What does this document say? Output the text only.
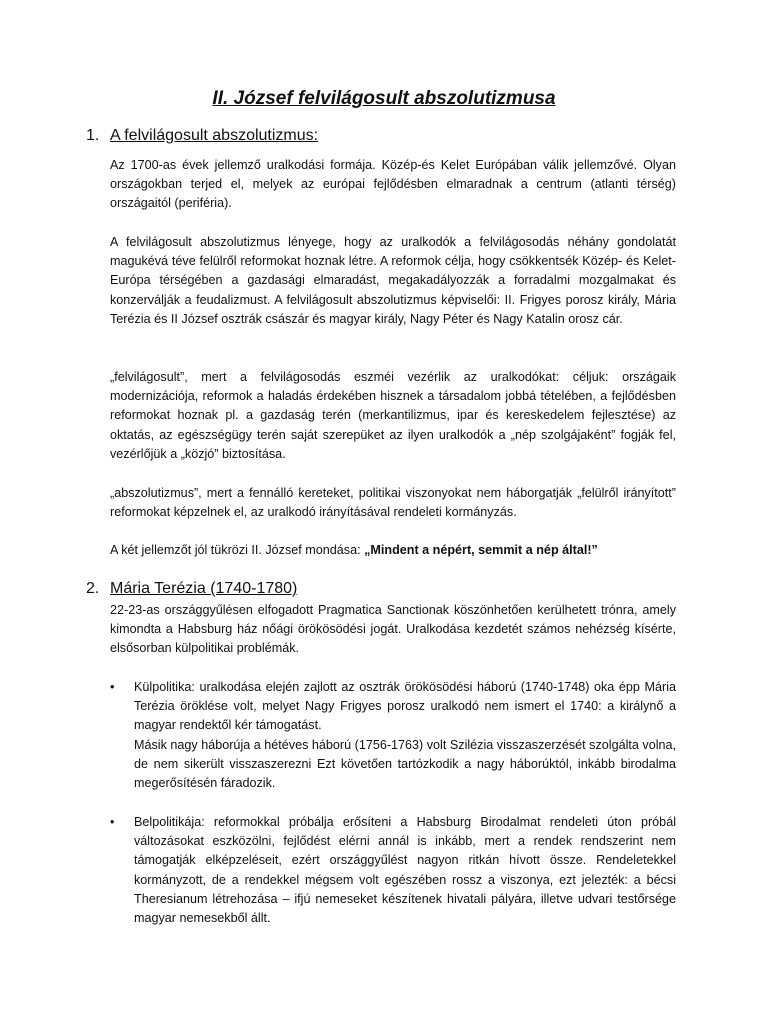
II. József felvilágosult abszolutizmusa
1. A felvilágosult abszolutizmus:

Az 1700-as évek jellemző uralkodási formája. Közép-és Kelet Európában válik jellemzővé. Olyan országokban terjed el, melyek az európai fejlődésben elmaradnak a centrum (atlanti térség) országaitól (periféria).

A felvilágosult abszolutizmus lényege, hogy az uralkodók a felvilágosodás néhány gondolatát magukévá téve felülről reformokat hoznak létre. A reformok célja, hogy csökkentsék Közép- és Kelet-Európa térségében a gazdasági elmaradást, megakadályozzák a forradalmi mozgalmakat és konzerválják a feudalizmust. A felvilágosult abszolutizmus képviselői: II. Frigyes porosz király, Mária Terézia és II József osztrák császár és magyar király, Nagy Péter és Nagy Katalin orosz cár.

„felvilágosult”, mert a felvilágosodás eszméi vezérlik az uralkodókat: céljuk: országaik modernizációja, reformok a haladás érdekében hisznek a társadalom jobbá tételében, a fejlődésben reformokat hoznak pl. a gazdaság terén (merkantilizmus, ipar és kereskedelem fejlesztése) az oktatás, az egészségügy terén saját szerepüket az ilyen uralkodók a „nép szolgájaként” fogják fel, vezérlőjük a „közjó” biztosítása.

„abszolutizmus”, mert a fennálló kereteket, politikai viszonyokat nem háborgatják „felülről irányított” reformokat képzelnek el, az uralkodó irányításával rendeleti kormányzás.

A két jellemzőt jól tükrözi II. József mondása: „Mindent a népért, semmit a nép által!”

2. Mária Terézia (1740-1780)

22-23-as országgyűlésen elfogadott Pragmatica Sanctionak köszönhetően kerülhetett trónra, amely kimondta a Habsburg ház nőági örökösödési jogát. Uralkodása kezdetét számos nehézség kísérte, elsősorban külpolitikai problémák.

• Külpolitika: uralkodása elején zajlott az osztrák örökösödési háború (1740-1748) oka épp Mária Terézia öröklése volt, melyet Nagy Frigyes porosz uralkodó nem ismert el 1740: a királynő a magyar rendektől kér támogatást.

Másik nagy háborúja a hétéves háború (1756-1763) volt Szilézia visszaszerzését szolgálta volna, de nem sikerült visszaszerezni Ezt követően tartózkodik a nagy háborúktól, inkább birodalma megerősítésén fáradozik.

• Belpolitikája: reformokkal próbálja erősíteni a Habsburg Birodalmat rendeleti úton próbál változásokat eszközölni, fejlődést elérni annál is inkább, mert a rendek rendszerint nem támogatják elképzeléseit, ezért országgyűlést nagyon ritkán hívott össze. Rendeletekkel kormányzott, de a rendekkel mégsem volt egészében rossz a viszonya, ezt jelezték: a bécsi Theresianum létrehozása – ifjú nemeseket készítenek hivatali pályára, illetve udvari testőrsége magyar nemesekből állt.
